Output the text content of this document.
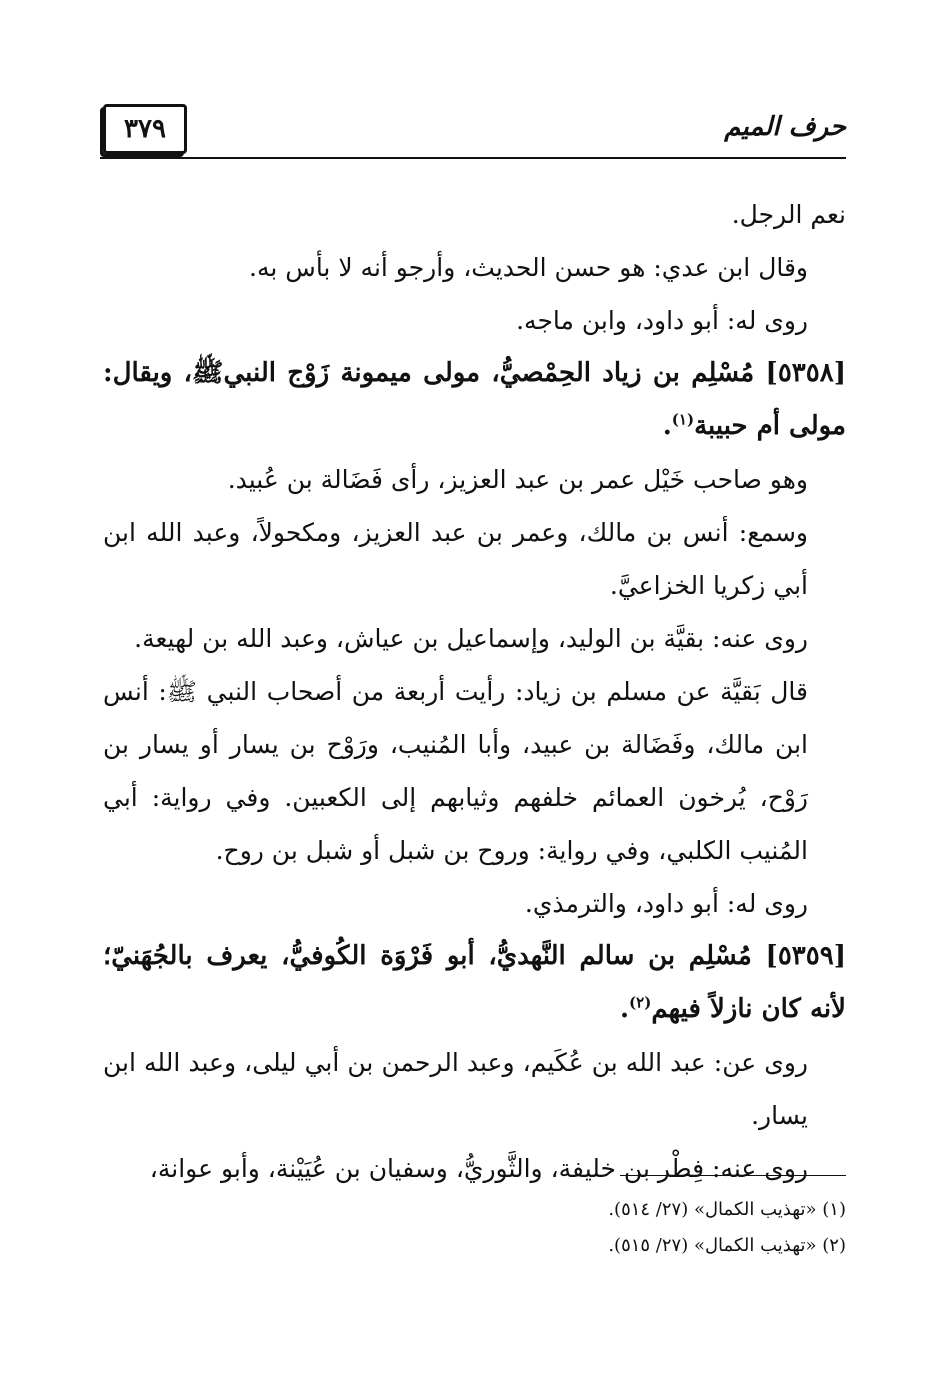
٣٧٩	حرف الميم

نعم الرجل.

وقال ابن عدي: هو حسن الحديث، وأرجو أنه لا بأس به.

روى له: أبو داود، وابن ماجه.

[٥٣٥٨] مُسْلِم بن زياد الحِمْصيُّ، مولى ميمونة زَوْج النبيﷺ، ويقال: مولى أم حبيبة$^{(١)}$.

وهو صاحب خَيْل عمر بن عبد العزيز، رأى فَضَالة بن عُبيد.

وسمع: أنس بن مالك، وعمر بن عبد العزيز، ومكحولاً، وعبد الله ابن أبي زكريا الخزاعيَّ.

روى عنه: بقيَّة بن الوليد، وإسماعيل بن عياش، وعبد الله بن لهيعة.

قال بَقيَّة عن مسلم بن زياد: رأيت أربعة من أصحاب النبي ﷺ: أنس ابن مالك، وفَضَالة بن عبيد، وأبا المُنيب، ورَوْح بن يسار أو يسار بن رَوْح، يُرخون العمائم خلفهم وثيابهم إلى الكعبين. وفي رواية: أبي المُنيب الكلبي، وفي رواية: وروح بن شبل أو شبل بن روح.

روى له: أبو داود، والترمذي.

[٥٣٥٩] مُسْلِم بن سالم النَّهديُّ، أبو فَرْوَة الكُوفيُّ، يعرف بالجُهَنيّ؛ لأنه كان نازلاً فيهم$^{(٢)}$.

روى عن: عبد الله بن عُكَيم، وعبد الرحمن بن أبي ليلى، وعبد الله ابن يسار.

روى عنه: فِطْر بن خليفة، والثَّوريُّ، وسفيان بن عُيَيْنة، وأبو عوانة،

(١) «تهذيب الكمال» (٢٧/ ٥١٤).
(٢) «تهذيب الكمال» (٢٧/ ٥١٥).
